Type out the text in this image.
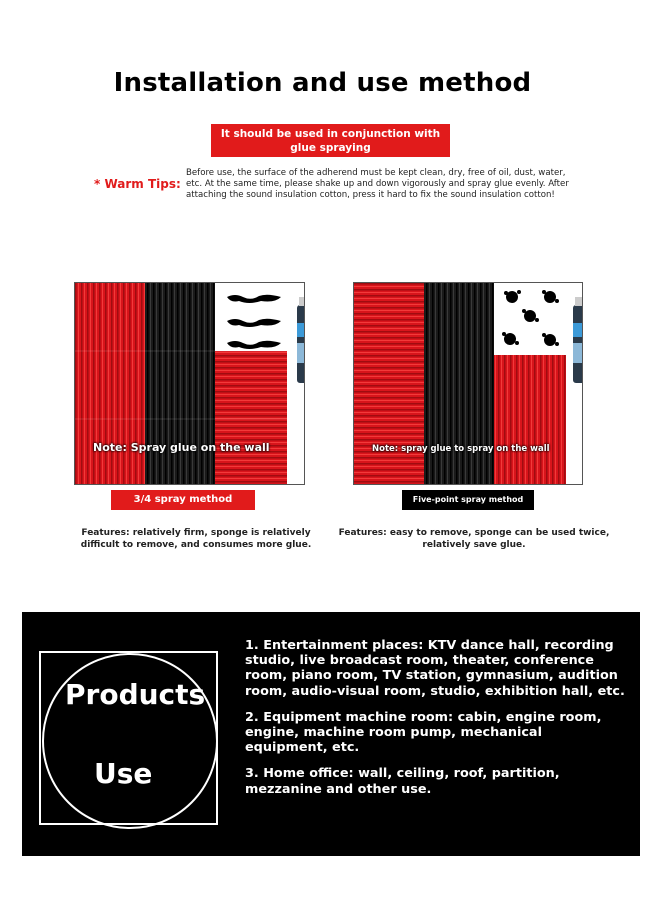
Installation and use method
It should be used in conjunction with glue spraying
* Warm Tips:
Before use, the surface of the adherend must be kept clean, dry, free of oil, dust, water, etc. At the same time, please shake up and down vigorously and spray glue evenly. After attaching the sound insulation cotton, press it hard to fix the sound insulation cotton!
Note: Spray glue on the wall	Note: spray glue to spray on the wall
3/4 spray method	Five-point spray method
Features: relatively firm, sponge is relatively difficult to remove, and consumes more glue.
Features: easy to remove, sponge can be used twice, relatively save glue.
Products
Use

1. Entertainment places: KTV dance hall, recording studio, live broadcast room, theater, conference room, piano room, TV station, gymnasium, audition room, audio-visual room, studio, exhibition hall, etc.

2. Equipment machine room: cabin, engine room, engine, machine room pump, mechanical equipment, etc.

3. Home office: wall, ceiling, roof, partition, mezzanine and other use.
